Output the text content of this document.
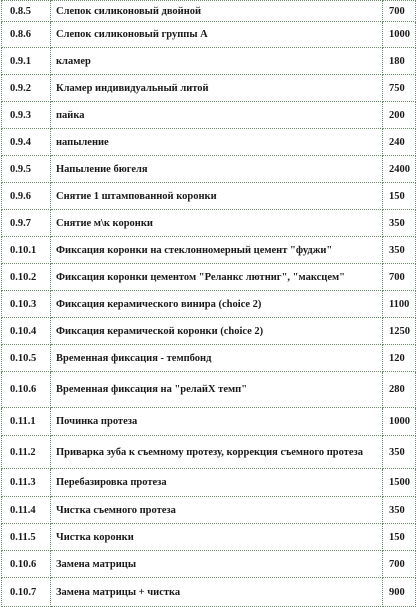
0.8.5	Слепок силиконовый двойной	700
0.8.6	Слепок силиконовый группы А	1000
0.9.1	кламер	180
0.9.2	Кламер индивидуальный литой	750
0.9.3	пайка	200
0.9.4	напыление	240
0.9.5	Напыление бюгеля	2400
0.9.6	Снятие 1 штампованной коронки	150
0.9.7	Снятие м\к коронки	350
0.10.1	Фиксация коронки на стеклонномерный цемент "фуджи"	350
0.10.2	Фиксация коронки цементом "Реланкс лютниг", "максцем"	700
0.10.3	Фиксация керамического винира (choice 2)	1100
0.10.4	Фиксация керамической коронки (choice 2)	1250
0.10.5	Временная фиксация - темпбонд	120
0.10.6	Временная фиксация на "релайХ темп"	280
0.11.1	Починка протеза	1000
0.11.2	Приварка зуба к съемному протезу, коррекция съемного протеза	350
0.11.3	Перебазировка протеза	1500
0.11.4	Чистка съемного протеза	350
0.11.5	Чистка коронки	150
0.10.6	Замена матрицы	700
0.10.7	Замена матрицы + чистка	900
